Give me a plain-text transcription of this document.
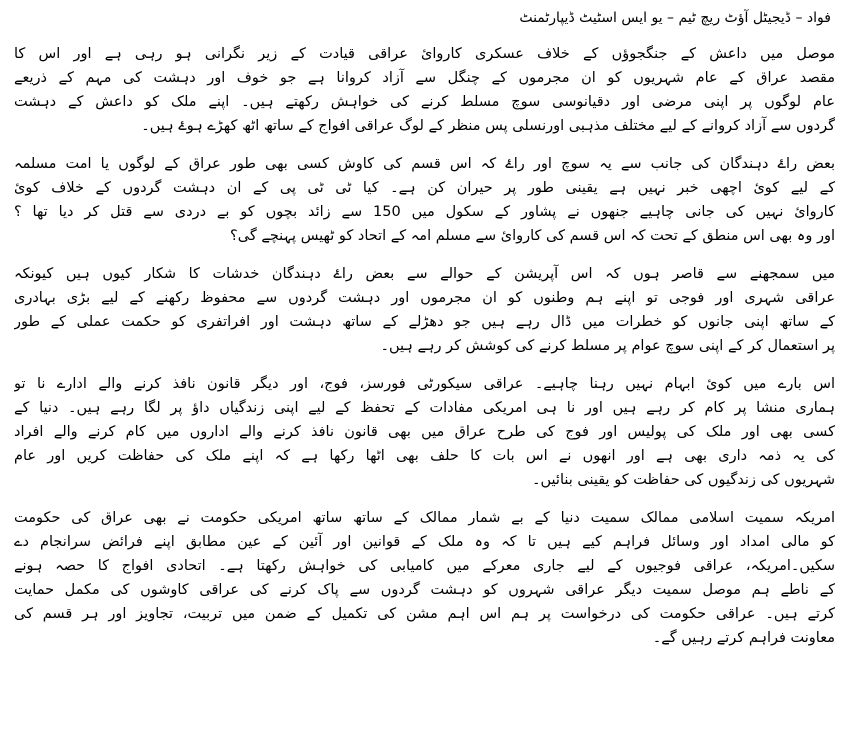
فواد – ڈیجیٹل آؤٹ ریچ ٹیم – یو ایس اسٹیٹ ڈیپارٹمنٹ
موصل میں داعش کے جنگجوؤں کے خلاف عسکری کاروائ عراقی قیادت کے زیر نگرانی ہو رہی ہے اور اس کا
مقصد عراق کے عام شہریوں کو ان مجرموں کے چنگل سے آزاد کروانا ہے جو خوف اور دہشت کی مہم کے ذریعے
عام لوگوں پر اپنی مرضی اور دقیانوسی سوچ مسلط کرنے کی خواہش رکھتے ہیں۔ اپنے ملک کو داعش کے دہشت
گردوں سے آزاد کروانے کے لیے مختلف مذہبی اورنسلی پس منظر کے لوگ عراقی افواج کے ساتھ اٹھ کھڑے ہوۓ ہیں۔
بعض راۓ دہندگان کی جانب سے یہ سوچ اور راۓ کہ اس قسم کی کاوش کسی بھی طور عراق کے لوگوں یا امت مسلمہ
کے لیے کوئ اچھی خبر نہيں ہے یقینی طور پر حیران کن ہے۔ کیا ٹی ٹی پی کے ان دہشت گردوں کے خلاف کوئ
کاروائ نہیں کی جانی چاہیے جنھوں نے پشاور کے سکول میں 150 سے زائد بچوں کو بے دردی سے قتل کر دیا تھا ؟
اور وہ بھی اس منطق کے تحت کہ اس قسم کی کاروائ سے مسلم امہ کے اتحاد کو ٹھيس پہنچے گی؟
میں سمجھنے سے قاصر ہوں کہ اس آپريشن کے حوالے سے بعض راۓ دہندگان خدشات کا شکار کیوں ہیں کیونکہ
عراقی شہری اور فوجی تو اپنے ہم وطنوں کو ان مجرموں اور دہشت گردوں سے محفوظ رکھنے کے لیے بڑی بہادری
کے ساتھ اپنی جانوں کو خطرات میں ڈال رہے ہیں جو دھڑلے کے ساتھ دہشت اور افراتفری کو حکمت عملی کے طور
پر استعمال کر کے اپنی سوچ عوام پر مسلط کرنے کی کوشش کر رہے ہیں۔
اس بارے میں کوئ ابہام نہيں رہنا چاہیے۔ عراقی سیکورٹی فورسز، فوج، اور دیگر قانون نافذ کرنے والے ادارے نا تو
ہماری منشا پر کام کر رہے ہیں اور نا ہی امریکی مفادات کے تحفظ کے لیے اپنی زندگیاں داؤ پر لگا رہے ہیں۔ دنیا کے
کسی بھی اور ملک کی پولیس اور فوج کی طرح عراق میں بھی قانون نافذ کرنے والے اداروں میں کام کرنے والے افراد
کی یہ ذمہ داری بھی ہے اور انھوں نے اس بات کا حلف بھی اٹھا رکھا ہے کہ اپنے ملک کی حفاظت کریں اور عام
شہریوں کی زندگیوں کی حفاظت کو یقینی بنائيں۔
امریکہ سمیت اسلامی ممالک سمیت دنیا کے بے شمار ممالک کے ساتھ ساتھ امریکی حکومت نے بھی عراق کی حکومت
کو مالی امداد اور وسائل فراہم کیے ہیں تا کہ وہ ملک کے قوانین اور آئين کے عین مطابق اپنے فرائض سرانجام دے
سکیں۔امریکہ، عراقی فوجیوں کے لیے جاری معرکے میں کامیابی کی خواہش رکھتا ہے۔ اتحادی افواج کا حصہ ہونے
کے ناطے ہم موصل سمیت دیگر عراقی شہروں کو دہشت گردوں سے پاک کرنے کی عراقی کاوشوں کی مکمل حمایت
کرتے ہیں۔ عراقی حکومت کی درخواست پر ہم اس اہم مشن کی تکمیل کے ضمن میں تربیت، تجاویز اور ہر قسم کی
معاونت فراہم کرتے رہیں گے۔
